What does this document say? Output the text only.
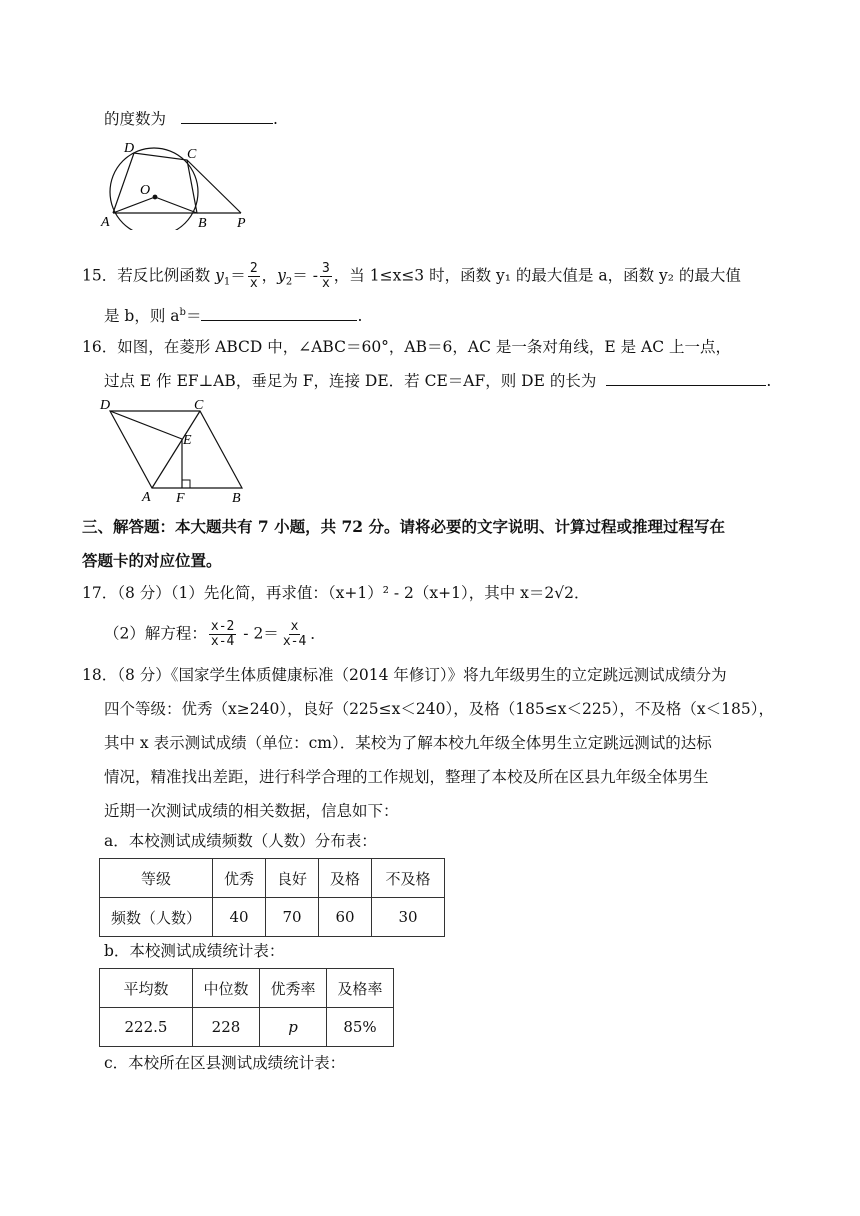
的度数为	.
D	C
O
A	B P
15．若反比例函数 $y_1= \frac{2}{x}$ ，$y_2= - \frac{3}{x}$ ，当 1≤x≤3 时，函数 y₁ 的最大值是 a，函数 y₂ 的最大值
是 b，则 $a^b=$	.
16．如图，在菱形 ABCD 中，∠ABC＝60°，AB＝6，AC 是一条对角线，E 是 AC 上一点，
过点 E 作 EF⊥AB，垂足为 F，连接 DE．若 CE＝AF，则 DE 的长为	.
D	C
E
A F	B
三、解答题：本大题共有 7 小题，共 72 分。请将必要的文字说明、计算过程或推理过程写在
答题卡的对应位置。
17．（8 分）（1）先化简，再求值：（x+1）² - 2（x+1），其中 x＝2√2．
（2）解方程： $\frac{x-2}{x-4} - 2= \frac{x}{x-4}$ ．
18．（8 分）《国家学生体质健康标准（2014 年修订）》将九年级男生的立定跳远测试成绩分为
四个等级：优秀（x≥240），良好（225≤x＜240），及格（185≤x＜225），不及格（x＜185），
其中 x 表示测试成绩（单位：cm）．某校为了解本校九年级全体男生立定跳远测试的达标
情况，精准找出差距，进行科学合理的工作规划，整理了本校及所在区县九年级全体男生
近期一次测试成绩的相关数据，信息如下：
a．本校测试成绩频数（人数）分布表：
等级	优秀	良好	及格	不及格
频数（人数）	40	70	60	30
b．本校测试成绩统计表：
平均数	中位数	优秀率	及格率
222.5	228	p	85%
c．本校所在区县测试成绩统计表：
